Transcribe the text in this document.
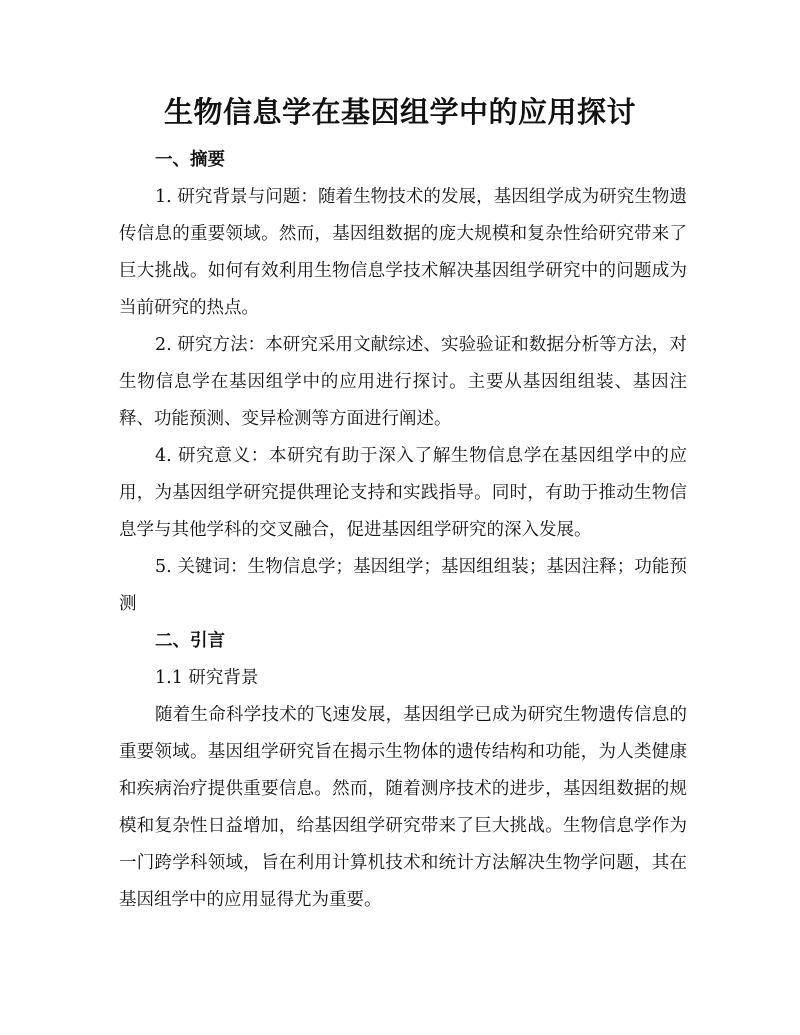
生物信息学在基因组学中的应用探讨
一、摘要

1. 研究背景与问题：随着生物技术的发展，基因组学成为研究生物遗传信息的重要领域。然而，基因组数据的庞大规模和复杂性给研究带来了巨大挑战。如何有效利用生物信息学技术解决基因组学研究中的问题成为当前研究的热点。

2. 研究方法：本研究采用文献综述、实验验证和数据分析等方法，对生物信息学在基因组学中的应用进行探讨。主要从基因组组装、基因注释、功能预测、变异检测等方面进行阐述。

4. 研究意义：本研究有助于深入了解生物信息学在基因组学中的应用，为基因组学研究提供理论支持和实践指导。同时，有助于推动生物信息学与其他学科的交叉融合，促进基因组学研究的深入发展。

5. 关键词：生物信息学；基因组学；基因组组装；基因注释；功能预测

二、引言
1.1 研究背景

随着生命科学技术的飞速发展，基因组学已成为研究生物遗传信息的重要领域。基因组学研究旨在揭示生物体的遗传结构和功能，为人类健康和疾病治疗提供重要信息。然而，随着测序技术的进步，基因组数据的规模和复杂性日益增加，给基因组学研究带来了巨大挑战。生物信息学作为一门跨学科领域，旨在利用计算机技术和统计方法解决生物学问题，其在基因组学中的应用显得尤为重要。
